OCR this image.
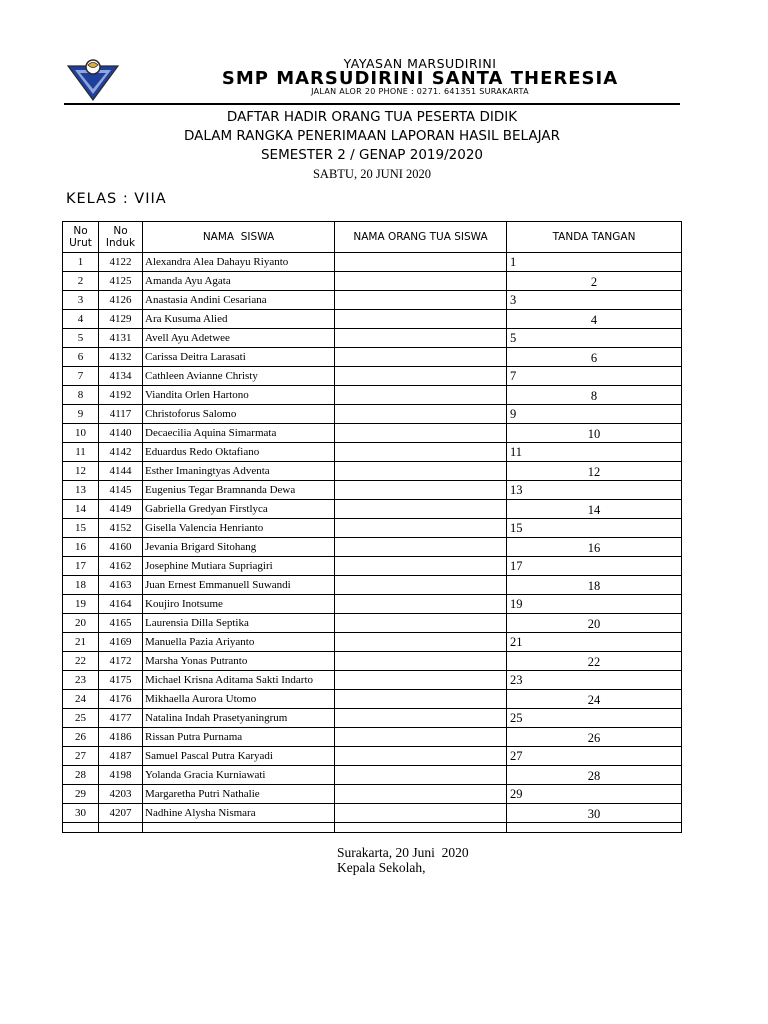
YAYASAN MARSUDIRINI
SMP MARSUDIRINI SANTA THERESIA
JALAN ALOR 20 PHONE : 0271. 641351 SURAKARTA
DAFTAR HADIR ORANG TUA PESERTA DIDIK
DALAM RANGKA PENERIMAAN LAPORAN HASIL BELAJAR
SEMESTER 2 / GENAP 2019/2020
SABTU, 20 JUNI 2020
KELAS : VIIA
No Urut	No Induk	NAMA  SISWA	NAMA ORANG TUA SISWA	TANDA TANGAN
1	4122	Alexandra Alea Dahayu Riyanto		1

2	4125	Amanda Ayu Agata		2

3	4126	Anastasia Andini Cesariana		3

4	4129	Ara Kusuma Alied		4

5	4131	Avell Ayu Adetwee		5

6	4132	Carissa Deitra Larasati		6

7	4134	Cathleen Avianne Christy		7

8	4192	Viandita Orlen Hartono		8

9	4117	Christoforus Salomo		9

10	4140	Decaecilia Aquina Simarmata		10

11	4142	Eduardus Redo Oktafiano		11

12	4144	Esther Imaningtyas Adventa		12

13	4145	Eugenius Tegar Bramnanda Dewa		13

14	4149	Gabriella Gredyan Firstlyca		14

15	4152	Gisella Valencia Henrianto		15

16	4160	Jevania Brigard Sitohang		16

17	4162	Josephine Mutiara Supriagiri		17

18	4163	Juan Ernest Emmanuell Suwandi		18

19	4164	Koujiro Inotsume		19

20	4165	Laurensia Dilla Septika		20

21	4169	Manuella Pazia Ariyanto		21

22	4172	Marsha Yonas Putranto		22

23	4175	Michael Krisna Aditama Sakti Indarto		23

24	4176	Mikhaella Aurora Utomo		24

25	4177	Natalina Indah Prasetyaningrum		25

26	4186	Rissan Putra Purnama		26

27	4187	Samuel Pascal Putra Karyadi		27

28	4198	Yolanda Gracia Kurniawati		28

29	4203	Margaretha Putri Nathalie		29

30	4207	Nadhine Alysha Nismara		30

Surakarta, 20 Juni  2020
Kepala Sekolah,
